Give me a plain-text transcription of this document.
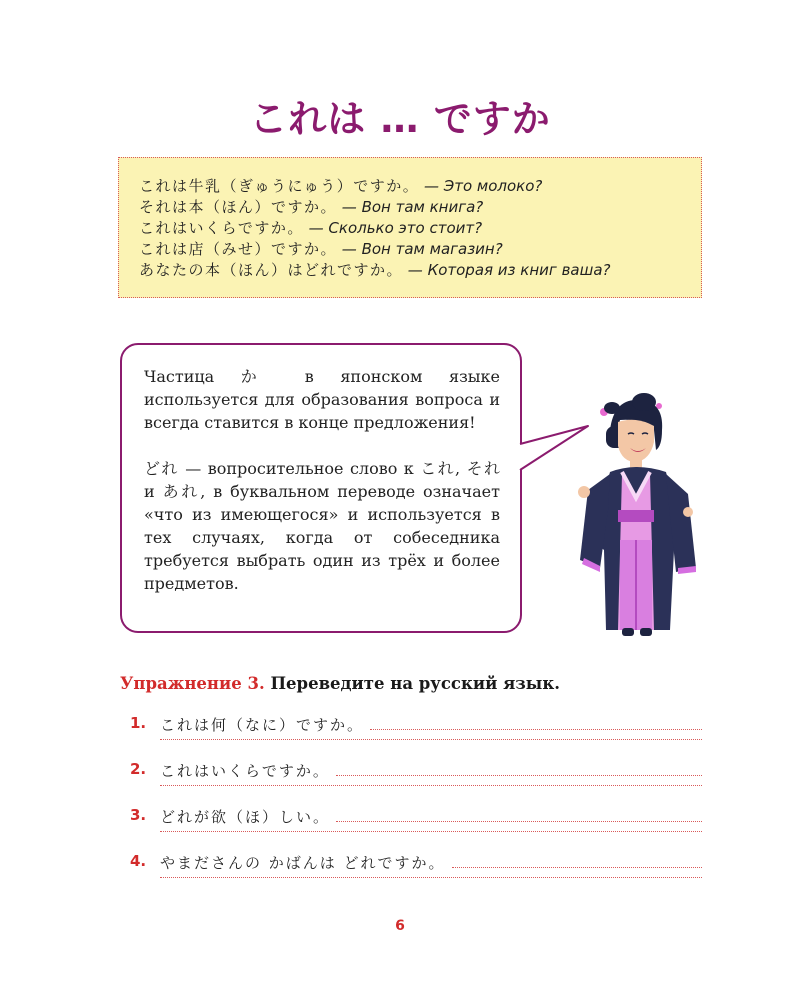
これは … ですか
これは牛乳（ぎゅうにゅう）ですか。 — Это молоко?
それは本（ほん）ですか。 — Вон там книга?
これはいくらですか。 — Сколько это стоит?
これは店（みせ）ですか。 — Вон там магазин?
あなたの本（ほん）はどれですか。 — Которая из книг ваша?

Частица か в японском языке используется для образования вопроса и всегда ставится в конце предложения!

どれ — вопросительное слово к これ, それ и あれ, в буквальном переводе означает «что из имеющегося» и используется в тех случаях, когда от собеседника требуется выбрать один из трёх и более предметов.

Упражнение 3. Переведите на русский язык.
1. これは何（なに）ですか。
2. これはいくらですか。
3. どれが欲（ほ）しい。
4. やまださんの かばんは どれですか。
6
